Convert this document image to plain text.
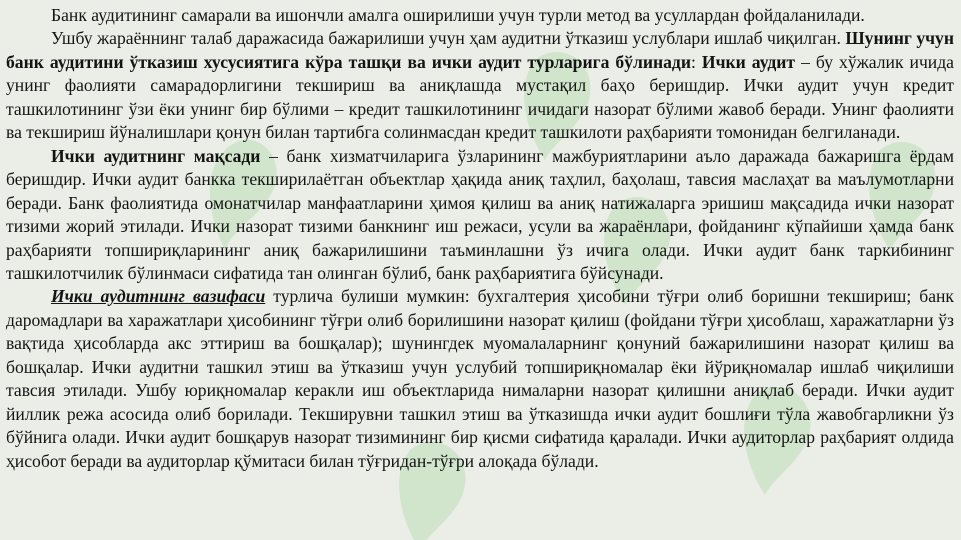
Банк аудитининг самарали ва ишончли амалга оширилиши учун турли метод ва усуллардан фойдаланилади.

Ушбу жараённинг талаб даражасида бажарилиши учун ҳам аудитни ўтказиш услублари ишлаб чиқилган. Шунинг учун банк аудитини ўтказиш хусусиятига кўра ташқи ва ички аудит турларига бўлинади: Ички аудит – бу хўжалик ичида унинг фаолияти самарадорлигини текшириш ва аниқлашда мустақил баҳо беришдир. Ички аудит учун кредит ташкилотининг ўзи ёки унинг бир бўлими – кредит ташкилотининг ичидаги назорат бўлими жавоб беради. Унинг фаолияти ва текшириш йўналишлари қонун билан тартибга солинмасдан кредит ташкилоти раҳбарияти томонидан белгиланади.

Ички аудитнинг мақсади – банк хизматчиларига ўзларининг мажбуриятларини аъло даражада бажаришга ёрдам беришдир. Ички аудит банкка текширилаётган объектлар ҳақида аниқ таҳлил, баҳолаш, тавсия маслаҳат ва маълумотларни беради. Банк фаолиятида омонатчилар манфаатларини ҳимоя қилиш ва аниқ натижаларга эришиш мақсадида ички назорат тизими жорий этилади. Ички назорат тизими банкнинг иш режаси, усули ва жараёнлари, фойданинг кўпайиши ҳамда банк раҳбарияти топшириқларининг аниқ бажарилишини таъминлашни ўз ичига олади. Ички аудит банк таркибининг ташкилотчилик бўлинмаси сифатида тан олинган бўлиб, банк раҳбариятига бўйсунади.

Ички аудитнинг вазифаси турлича булиши мумкин: бухгалтерия ҳисобини тўғри олиб боришни текшириш; банк даромадлари ва харажатлари ҳисобининг тўғри олиб борилишини назорат қилиш (фойдани тўғри ҳисоблаш, харажатларни ўз вақтида ҳисобларда акс эттириш ва бошқалар); шунингдек муомалаларнинг қонуний бажарилишини назорат қилиш ва бошқалар. Ички аудитни ташкил этиш ва ўтказиш учун услубий топшириқномалар ёки йўриқномалар ишлаб чиқилиши тавсия этилади. Ушбу юриқномалар керакли иш объектларида нималарни назорат қилишни аниқлаб беради. Ички аудит йиллик режа асосида олиб борилади. Текширувни ташкил этиш ва ўтказишда ички аудит бошлиғи тўла жавобгарликни ўз бўйнига олади. Ички аудит бошқарув назорат тизимининг бир қисми сифатида қаралади. Ички аудиторлар раҳбарият олдида ҳисобот беради ва аудиторлар қўмитаси билан тўғридан-тўғри алоқада бўлади.
